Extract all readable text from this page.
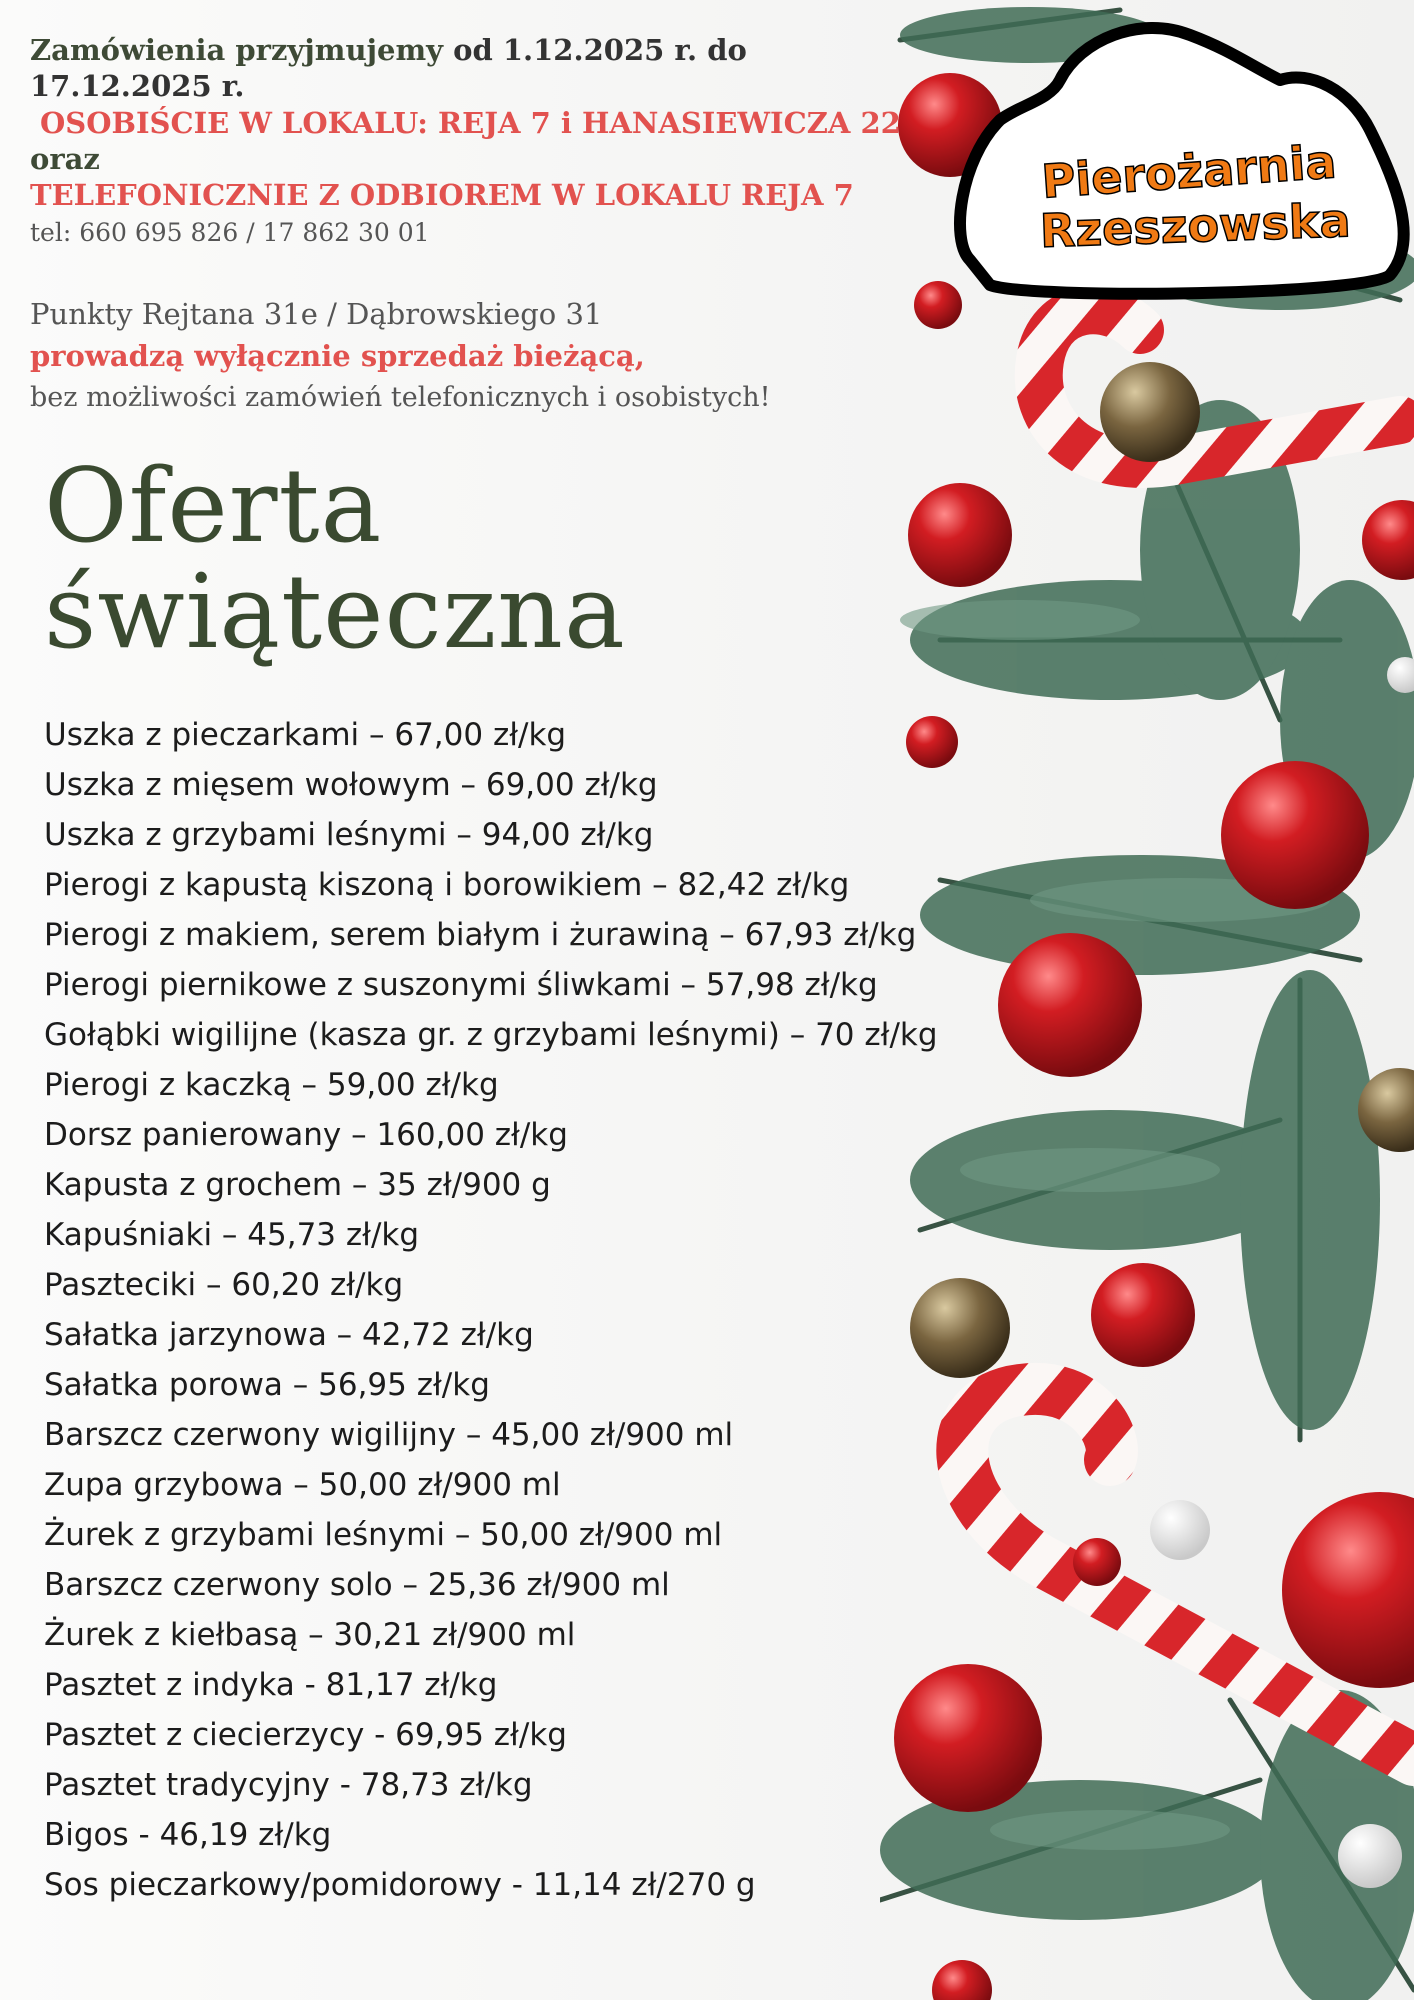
Pierożarnia
Rzeszowska

Zamówienia przyjmujemy od 1.12.2025 r. do 17.12.2025 r.

OSOBIŚCIE W LOKALU: REJA 7 i HANASIEWICZA 22

oraz

TELEFONICZNIE Z ODBIOREM W LOKALU REJA 7

tel: 660 695 826 / 17 862 30 01

Punkty Rejtana 31e / Dąbrowskiego 31

prowadzą wyłącznie sprzedaż bieżącą,

bez możliwości zamówień telefonicznych i osobistych!

Oferta
świąteczna
Uszka z pieczarkami – 67,00 zł/kg
Uszka z mięsem wołowym – 69,00 zł/kg
Uszka z grzybami leśnymi – 94,00 zł/kg
Pierogi z kapustą kiszoną i borowikiem – 82,42 zł/kg
Pierogi z makiem, serem białym i żurawiną – 67,93 zł/kg
Pierogi piernikowe z suszonymi śliwkami – 57,98 zł/kg
Gołąbki wigilijne (kasza gr. z grzybami leśnymi) – 70 zł/kg
Pierogi z kaczką – 59,00 zł/kg
Dorsz panierowany – 160,00 zł/kg
Kapusta z grochem – 35 zł/900 g
Kapuśniaki – 45,73 zł/kg
Paszteciki – 60,20 zł/kg
Sałatka jarzynowa – 42,72 zł/kg
Sałatka porowa – 56,95 zł/kg
Barszcz czerwony wigilijny – 45,00 zł/900 ml
Zupa grzybowa – 50,00 zł/900 ml
Żurek z grzybami leśnymi – 50,00 zł/900 ml
Barszcz czerwony solo – 25,36 zł/900 ml
Żurek z kiełbasą – 30,21 zł/900 ml
Pasztet z indyka - 81,17 zł/kg
Pasztet z ciecierzycy - 69,95 zł/kg
Pasztet tradycyjny - 78,73 zł/kg
Bigos - 46,19 zł/kg
Sos pieczarkowy/pomidorowy - 11,14 zł/270 g
